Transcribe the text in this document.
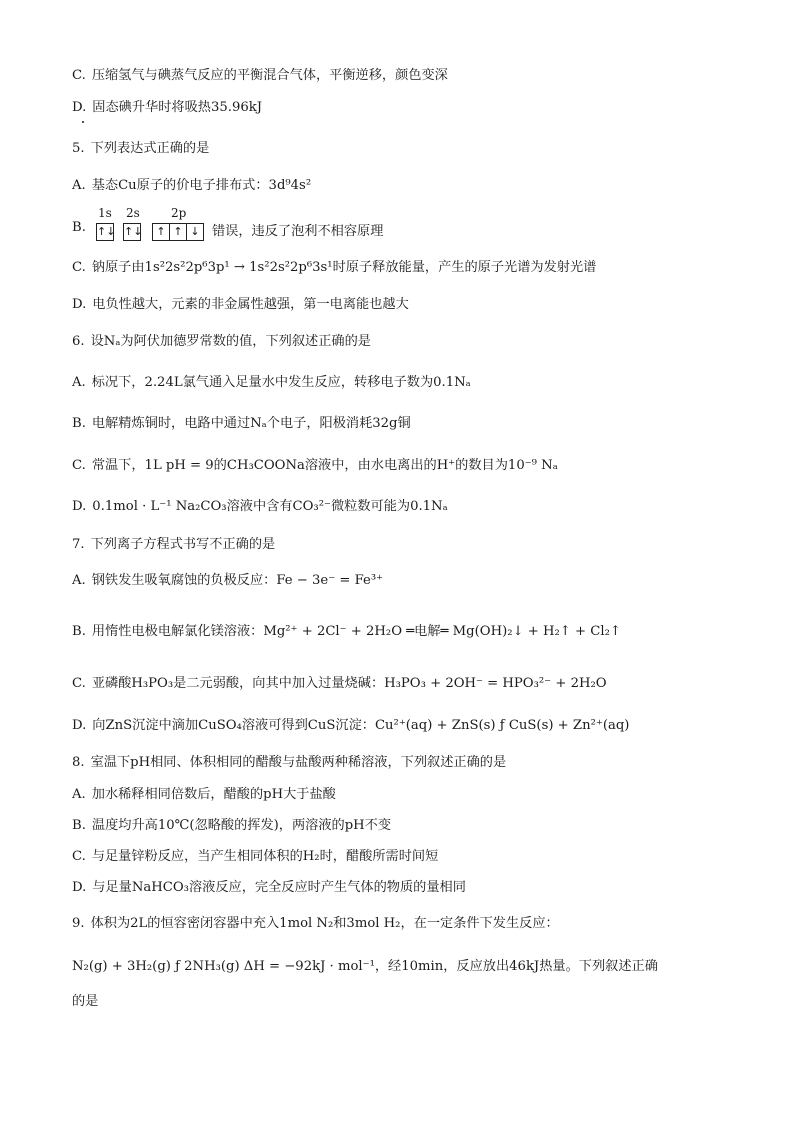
C. 压缩氢气与碘蒸气反应的平衡混合气体，平衡逆移，颜色变深
D. 固态碘升华时将吸热35.96kJ
5. 下列表达式正确的是
A. 基态Cu原子的价电子排布式：3d⁹4s²
B.
1s 2s	2p
↑↓ ↑↓	↑ ↑ ↓ 错误，违反了泡利不相容原理
C. 钠原子由1s²2s²2p⁶3p¹ → 1s²2s²2p⁶3s¹时原子释放能量，产生的原子光谱为发射光谱
D. 电负性越大，元素的非金属性越强，第一电离能也越大
6. 设Nₐ为阿伏加德罗常数的值，下列叙述正确的是
A. 标况下，2.24L氯气通入足量水中发生反应，转移电子数为0.1Nₐ
B. 电解精炼铜时，电路中通过Nₐ个电子，阳极消耗32g铜
C. 常温下，1L pH = 9的CH₃COONa溶液中，由水电离出的H⁺的数目为10⁻⁹ Nₐ
D. 0.1mol · L⁻¹ Na₂CO₃溶液中含有CO₃²⁻微粒数可能为0.1Nₐ
7. 下列离子方程式书写不正确的是
A. 钢铁发生吸氧腐蚀的负极反应：Fe − 3e⁻ = Fe³⁺
B. 用惰性电极电解氯化镁溶液：Mg²⁺ + 2Cl⁻ + 2H₂O ═电解═ Mg(OH)₂↓ + H₂↑ + Cl₂↑
C. 亚磷酸H₃PO₃是二元弱酸，向其中加入过量烧碱：H₃PO₃ + 2OH⁻ = HPO₃²⁻ + 2H₂O
D. 向ZnS沉淀中滴加CuSO₄溶液可得到CuS沉淀：Cu²⁺(aq) + ZnS(s) ƒ CuS(s) + Zn²⁺(aq)
8. 室温下pH相同、体积相同的醋酸与盐酸两种稀溶液，下列叙述正确的是
A. 加水稀释相同倍数后，醋酸的pH大于盐酸
B. 温度均升高10℃(忽略酸的挥发)，两溶液的pH不变
C. 与足量锌粉反应，当产生相同体积的H₂时，醋酸所需时间短
D. 与足量NaHCO₃溶液反应，完全反应时产生气体的物质的量相同
9. 体积为2L的恒容密闭容器中充入1mol N₂和3mol H₂，在一定条件下发生反应：
N₂(g) + 3H₂(g) ƒ 2NH₃(g) ΔH = −92kJ · mol⁻¹，经10min，反应放出46kJ热量。下列叙述正确
的是
